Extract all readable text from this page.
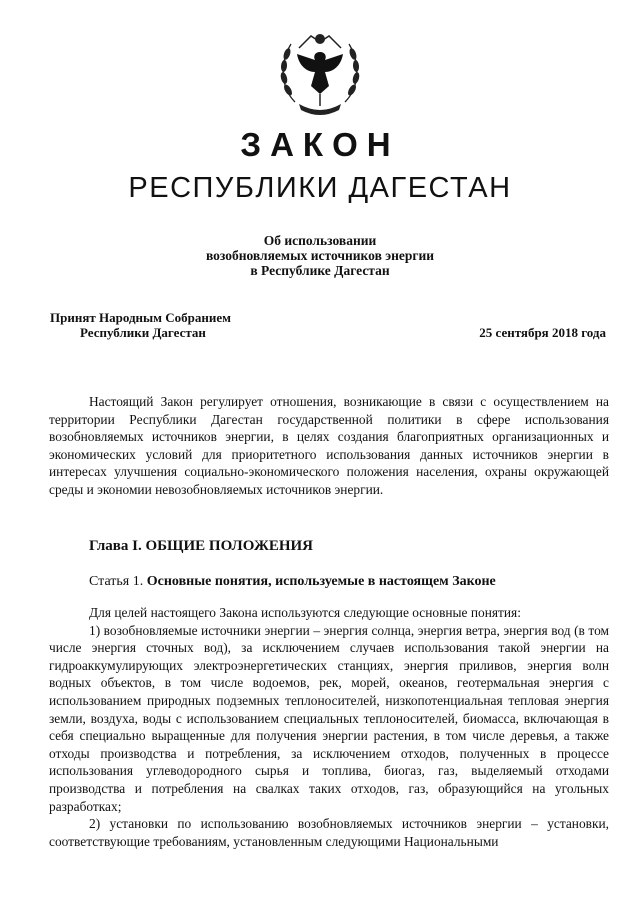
ЗАКОН
РЕСПУБЛИКИ ДАГЕСТАН
Об использовании
возобновляемых источников энергии
в Республике Дагестан
Принят Народным Собранием
Республики Дагестан	25 сентября 2018 года

Настоящий Закон регулирует отношения, возникающие в связи с осуществлением на территории Республики Дагестан государственной политики в сфере использования возобновляемых источников энергии, в целях создания благоприятных организационных и экономических условий для приоритетного использования данных источников энергии в интересах улучшения социально-экономического положения населения, охраны окружающей среды и экономии невозобновляемых источников энергии.

Глава I. ОБЩИЕ ПОЛОЖЕНИЯ
Статья 1. Основные понятия, используемые в настоящем Законе

Для целей настоящего Закона используются следующие основные понятия:

1) возобновляемые источники энергии – энергия солнца, энергия ветра, энергия вод (в том числе энергия сточных вод), за исключением случаев использования такой энергии на гидроаккумулирующих электроэнергетических станциях, энергия приливов, энергия волн водных объектов, в том числе водоемов, рек, морей, океанов, геотермальная энергия с использованием природных подземных теплоносителей, низкопотенциальная тепловая энергия земли, воздуха, воды с использованием специальных теплоносителей, биомасса, включающая в себя специально выращенные для получения энергии растения, в том числе деревья, а также отходы производства и потребления, за исключением отходов, полученных в процессе использования углеводородного сырья и топлива, биогаз, газ, выделяемый отходами производства и потребления на свалках таких отходов, газ, образующийся на угольных разработках;

2) установки по использованию возобновляемых источников энергии – установки, соответствующие требованиям, установленным следующими Национальными
